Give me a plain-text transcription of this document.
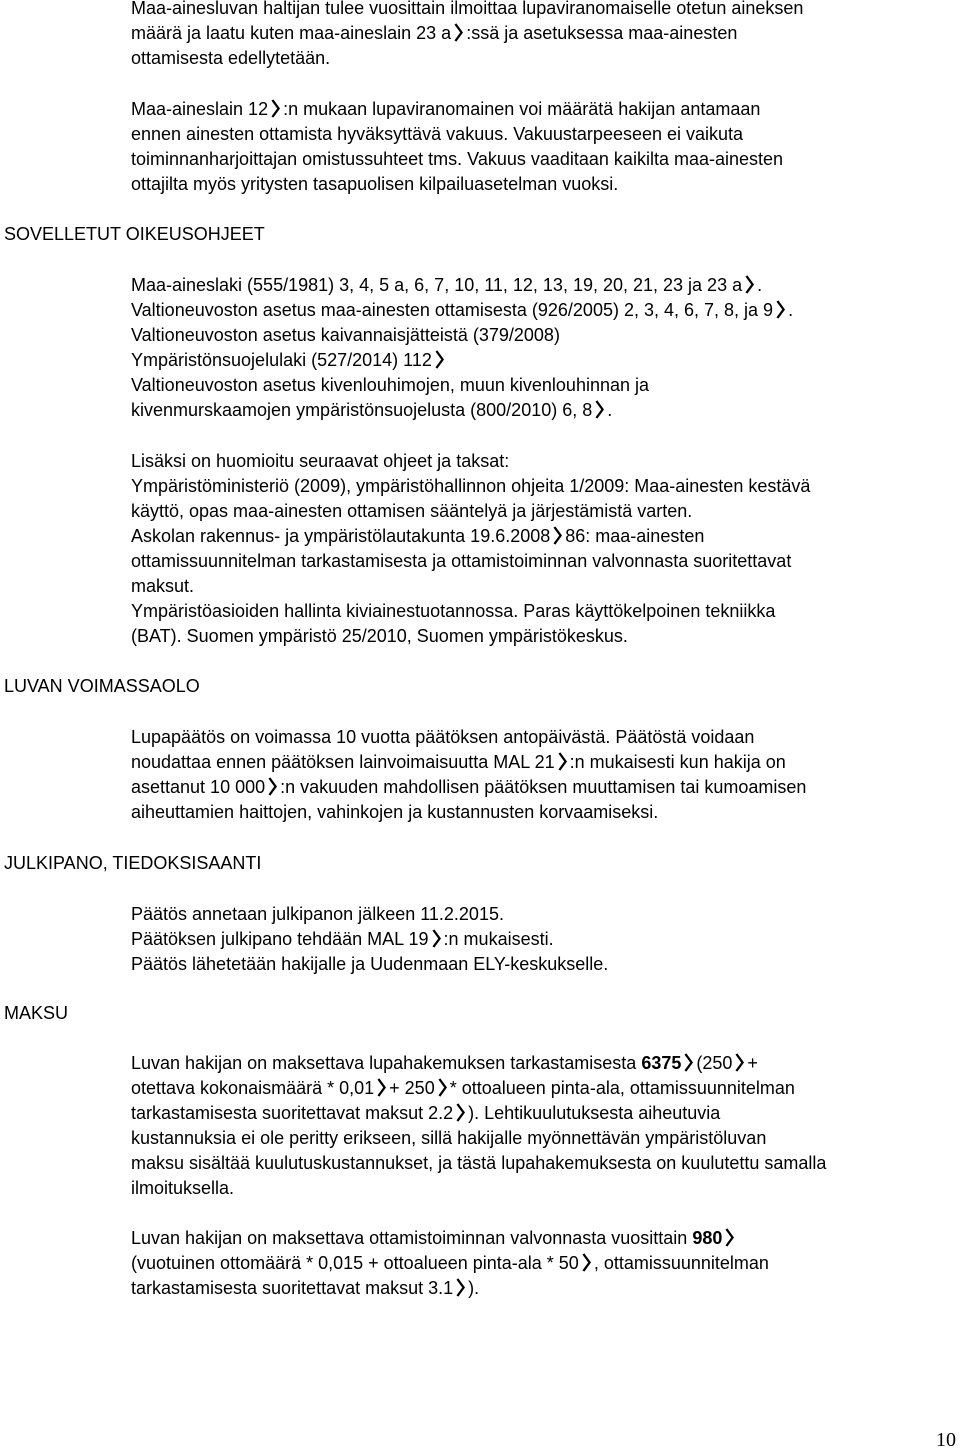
Maa-ainesluvan haltijan tulee vuosittain ilmoittaa lupaviranomaiselle otetun aineksen
määrä ja laatu kuten maa-aineslain 23 a :ssä ja asetuksessa maa-ainesten
ottamisesta edellytetään.
Maa-aineslain 12 :n mukaan lupaviranomainen voi määrätä hakijan antamaan
ennen ainesten ottamista hyväksyttävä vakuus. Vakuustarpeeseen ei vaikuta
toiminnanharjoittajan omistussuhteet tms. Vakuus vaaditaan kaikilta maa-ainesten
ottajilta myös yritysten tasapuolisen kilpailuasetelman vuoksi.
SOVELLETUT OIKEUSOHJEET
Maa-aineslaki (555/1981) 3, 4, 5 a, 6, 7, 10, 11, 12, 13, 19, 20, 21, 23 ja 23 a .
Valtioneuvoston asetus maa-ainesten ottamisesta (926/2005) 2, 3, 4, 6, 7, 8, ja 9 .
Valtioneuvoston asetus kaivannaisjätteistä (379/2008)
Ympäristönsuojelulaki (527/2014) 112
Valtioneuvoston asetus kivenlouhimojen, muun kivenlouhinnan ja
kivenmurskaamojen ympäristönsuojelusta (800/2010) 6, 8 .
Lisäksi on huomioitu seuraavat ohjeet ja taksat:
Ympäristöministeriö (2009), ympäristöhallinnon ohjeita 1/2009: Maa-ainesten kestävä
käyttö, opas maa-ainesten ottamisen sääntelyä ja järjestämistä varten.
Askolan rakennus- ja ympäristölautakunta 19.6.2008 86: maa-ainesten
ottamissuunnitelman tarkastamisesta ja ottamistoiminnan valvonnasta suoritettavat
maksut.
Ympäristöasioiden hallinta kiviainestuotannossa. Paras käyttökelpoinen tekniikka
(BAT). Suomen ympäristö 25/2010, Suomen ympäristökeskus.
LUVAN VOIMASSAOLO
Lupapäätös on voimassa 10 vuotta päätöksen antopäivästä. Päätöstä voidaan
noudattaa ennen päätöksen lainvoimaisuutta MAL 21 :n mukaisesti kun hakija on
asettanut 10 000 :n vakuuden mahdollisen päätöksen muuttamisen tai kumoamisen
aiheuttamien haittojen, vahinkojen ja kustannusten korvaamiseksi.
JULKIPANO, TIEDOKSISAANTI
Päätös annetaan julkipanon jälkeen 11.2.2015.
Päätöksen julkipano tehdään MAL 19 :n mukaisesti.
Päätös lähetetään hakijalle ja Uudenmaan ELY-keskukselle.
MAKSU
Luvan hakijan on maksettava lupahakemuksen tarkastamisesta 6375 (250 +
otettava kokonaismäärä * 0,01 + 250 * ottoalueen pinta-ala, ottamissuunnitelman
tarkastamisesta suoritettavat maksut 2.2 ). Lehtikuulutuksesta aiheutuvia
kustannuksia ei ole peritty erikseen, sillä hakijalle myönnettävän ympäristöluvan
maksu sisältää kuulutuskustannukset, ja tästä lupahakemuksesta on kuulutettu samalla
ilmoituksella.
Luvan hakijan on maksettava ottamistoiminnan valvonnasta vuosittain 980
(vuotuinen ottomäärä * 0,015 + ottoalueen pinta-ala * 50 , ottamissuunnitelman
tarkastamisesta suoritettavat maksut 3.1 ).
10
